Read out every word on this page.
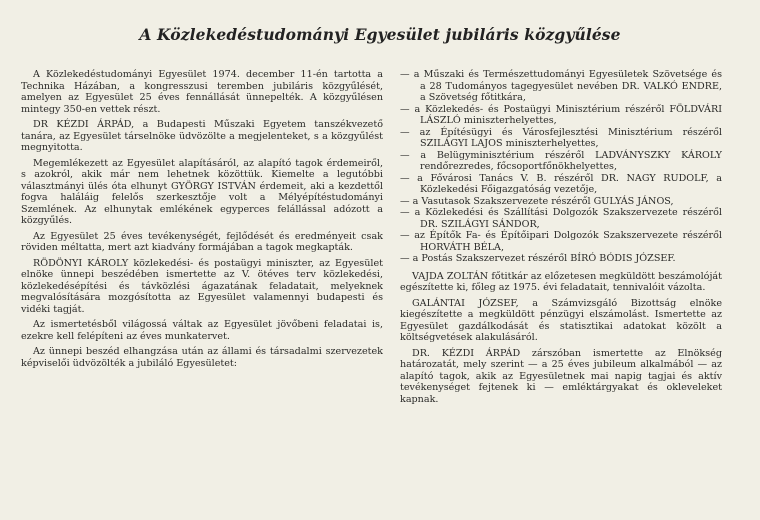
A Közlekedéstudományi Egyesület jubiláris közgyűlése

A Közlekedéstudományi Egyesület 1974. december 11-én tartotta a Technika Házában, a kongresszusi teremben jubiláris közgyűlését, amelyen az Egyesület 25 éves fennállását ünnepelték. A közgyűlésen mintegy 350-en vettek részt.

DR KÉZDI ÁRPÁD, a Budapesti Műszaki Egyetem tanszékvezető tanára, az Egyesület társelnöke üdvözölte a megjelenteket, s a közgyűlést megnyitotta.

Megemlékezett az Egyesület alapításáról, az alapító tagok érdemeiről, s azokról, akik már nem lehetnek közöttük. Kiemelte a legutóbbi választmányi ülés óta elhunyt GYÖRGY ISTVÁN érdemeit, aki a kezdettől fogva haláláig felelős szerkesztője volt a Mélyépítéstudományi Szemlének. Az elhunytak emlékének egyperces felállással adózott a közgyűlés.

Az Egyesület 25 éves tevékenységét, fejlődését és eredményeit csak röviden méltatta, mert azt kiadvány formájában a tagok megkapták.

RÖDÖNYI KÁROLY közlekedési- és postaügyi miniszter, az Egyesület elnöke ünnepi beszédében ismertette az V. ötéves terv közlekedési, közlekedésépítési és távközlési ágazatának feladatait, melyeknek megvalósítására mozgósította az Egyesület valamennyi budapesti és vidéki tagját.

Az ismertetésből világossá váltak az Egyesület jövőbeni feladatai is, ezekre kell felépíteni az éves munkatervet.

Az ünnepi beszéd elhangzása után az állami és társadalmi szervezetek képviselői üdvözölték a jubiláló Egyesületet:

— a Műszaki és Természettudományi Egyesületek Szövetsége és a 28 Tudományos tagegyesület nevében DR. VALKÓ ENDRE, a Szövetség főtitkára,

— a Közlekedés- és Postaügyi Minisztérium részéről FÖLDVÁRI LÁSZLÓ miniszterhelyettes,

— az Építésügyi és Városfejlesztési Minisztérium részéről SZILÁGYI LAJOS miniszterhelyettes,

— a Belügyminisztérium részéről LADVÁNYSZKY KÁROLY rendőrezredes, főcsoportfőnökhelyettes,

— a Fővárosi Tanács V. B. részéről DR. NAGY RUDOLF, a Közlekedési Főigazgatóság vezetője,

— a Vasutasok Szakszervezete részéről GULYÁS JÁNOS,

— a Közlekedési és Szállítási Dolgozók Szakszervezete részéről DR. SZILÁGYI SÁNDOR,

— az Építők Fa- és Építőipari Dolgozók Szakszervezete részéről HORVÁTH BÉLA,

— a Postás Szakszervezet részéről BÍRÓ BÓDIS JÓZSEF.

VAJDA ZOLTÁN főtitkár az előzetesen megküldött beszámolóját egészítette ki, főleg az 1975. évi feladatait, tennivalóit vázolta.

GALÁNTAI JÓZSEF, a Számvizsgáló Bizottság elnöke kiegészítette a megküldött pénzügyi elszámolást. Ismertette az Egyesület gazdálkodását és statisztikai adatokat közölt a költségvetések alakulásáról.

DR. KÉZDI ÁRPÁD zárszóban ismertette az Elnökség határozatát, mely szerint — a 25 éves jubileum alkalmából — az alapító tagok, akik az Egyesületnek mai napig tagjai és aktív tevékenységet fejtenek ki — emléktárgyakat és okleveleket kapnak.
